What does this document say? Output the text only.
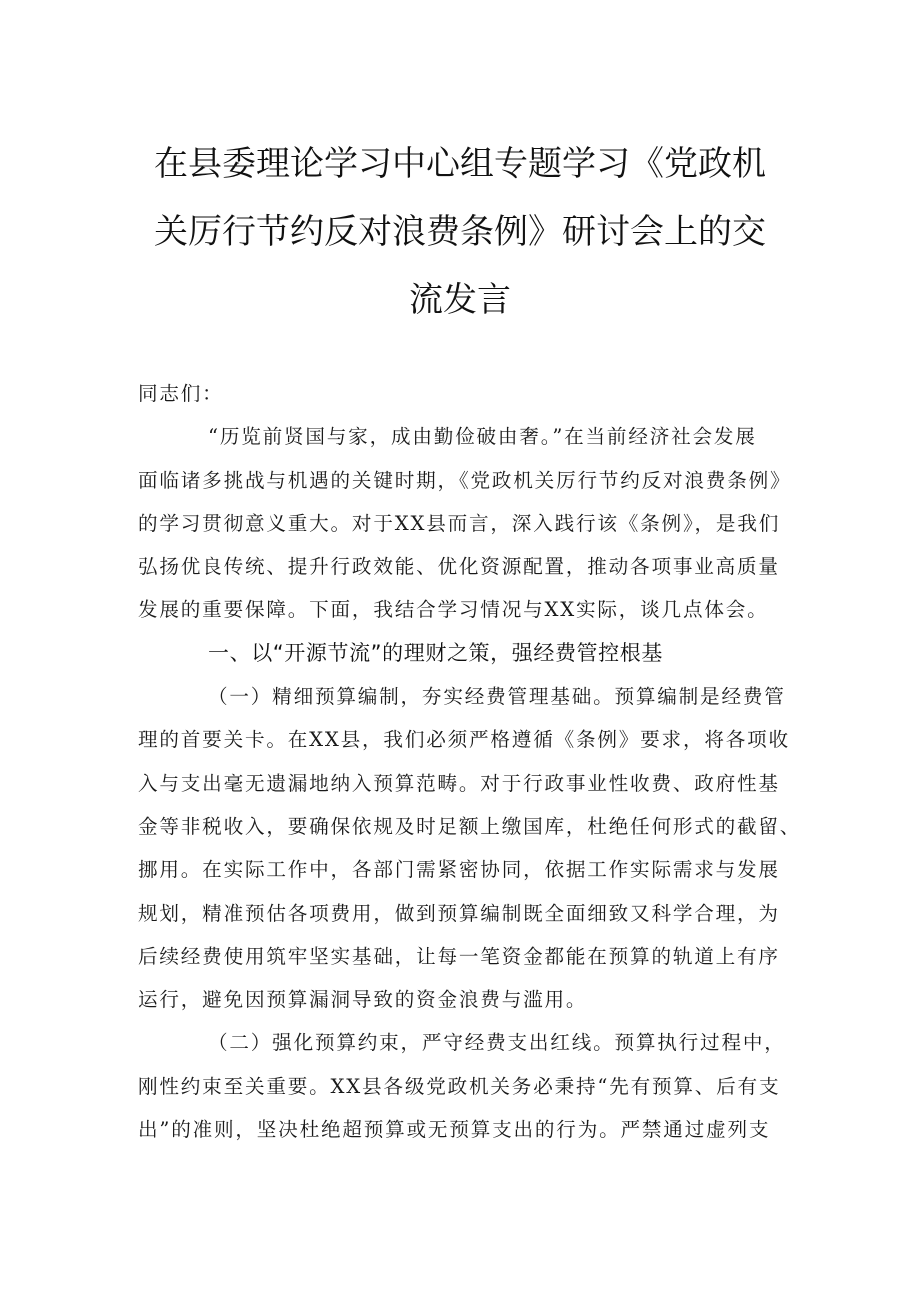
在县委理论学习中心组专题学习《党政机
关厉行节约反对浪费条例》研讨会上的交
流发言
同志们：
“历览前贤国与家，成由勤俭破由奢。”在当前经济社会发展
面临诸多挑战与机遇的关键时期，《党政机关厉行节约反对浪费条例》
的学习贯彻意义重大。对于XX县而言，深入践行该《条例》，是我们
弘扬优良传统、提升行政效能、优化资源配置，推动各项事业高质量
发展的重要保障。下面，我结合学习情况与XX实际，谈几点体会。
一、以“开源节流”的理财之策，强经费管控根基
（一）精细预算编制，夯实经费管理基础。预算编制是经费管
理的首要关卡。在XX县，我们必须严格遵循《条例》要求，将各项收
入与支出毫无遗漏地纳入预算范畴。对于行政事业性收费、政府性基
金等非税收入，要确保依规及时足额上缴国库，杜绝任何形式的截留、
挪用。在实际工作中，各部门需紧密协同，依据工作实际需求与发展
规划，精准预估各项费用，做到预算编制既全面细致又科学合理，为
后续经费使用筑牢坚实基础，让每一笔资金都能在预算的轨道上有序
运行，避免因预算漏洞导致的资金浪费与滥用。
（二）强化预算约束，严守经费支出红线。预算执行过程中，
刚性约束至关重要。XX县各级党政机关务必秉持“先有预算、后有支
出”的准则，坚决杜绝超预算或无预算支出的行为。严禁通过虚列支
